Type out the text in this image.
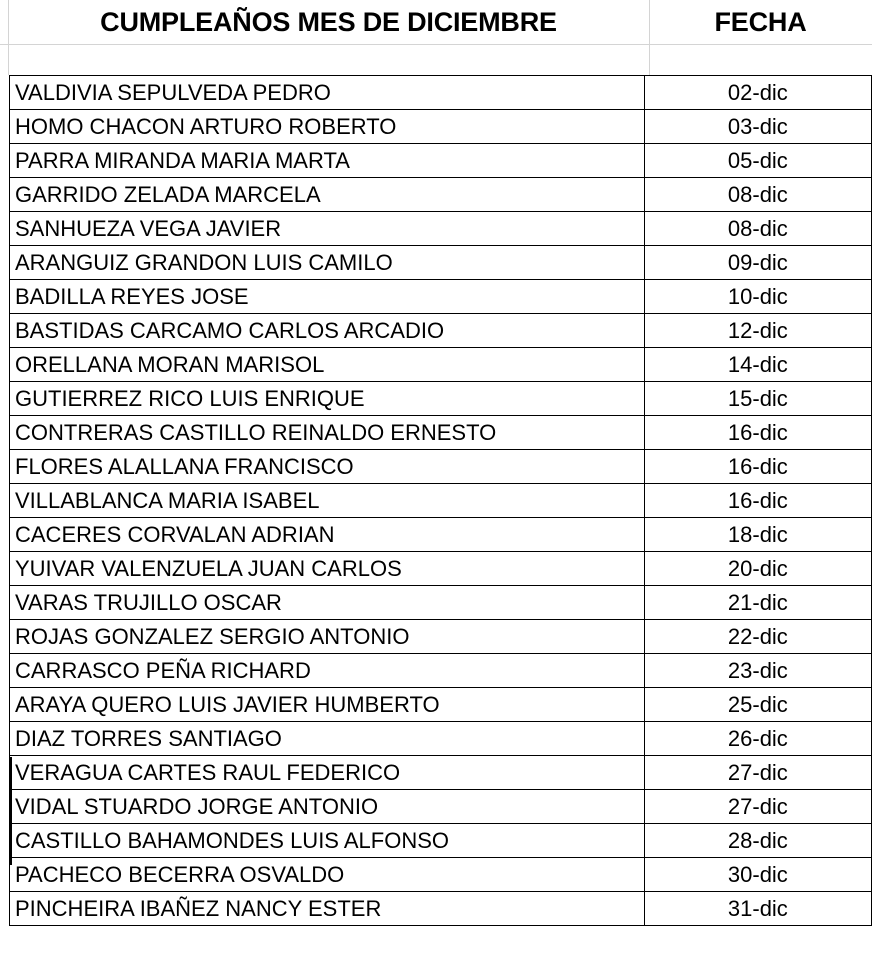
CUMPLEAÑOS MES DE DICIEMBRE	FECHA
VALDIVIA SEPULVEDA PEDRO	02-dic
HOMO CHACON ARTURO ROBERTO	03-dic
PARRA MIRANDA MARIA MARTA	05-dic
GARRIDO ZELADA MARCELA	08-dic
SANHUEZA VEGA JAVIER	08-dic
ARANGUIZ GRANDON LUIS CAMILO	09-dic
BADILLA REYES JOSE	10-dic
BASTIDAS CARCAMO CARLOS ARCADIO	12-dic
ORELLANA MORAN MARISOL	14-dic
GUTIERREZ RICO LUIS ENRIQUE	15-dic
CONTRERAS CASTILLO REINALDO ERNESTO	16-dic
FLORES ALALLANA FRANCISCO	16-dic
VILLABLANCA MARIA ISABEL	16-dic
CACERES CORVALAN ADRIAN	18-dic
YUIVAR VALENZUELA JUAN CARLOS	20-dic
VARAS TRUJILLO OSCAR	21-dic
ROJAS GONZALEZ SERGIO ANTONIO	22-dic
CARRASCO PEÑA RICHARD	23-dic
ARAYA QUERO LUIS JAVIER HUMBERTO	25-dic
DIAZ TORRES SANTIAGO	26-dic
VERAGUA CARTES RAUL FEDERICO	27-dic
VIDAL STUARDO JORGE ANTONIO	27-dic
CASTILLO BAHAMONDES LUIS ALFONSO	28-dic
PACHECO BECERRA OSVALDO	30-dic
PINCHEIRA IBAÑEZ NANCY ESTER	31-dic
